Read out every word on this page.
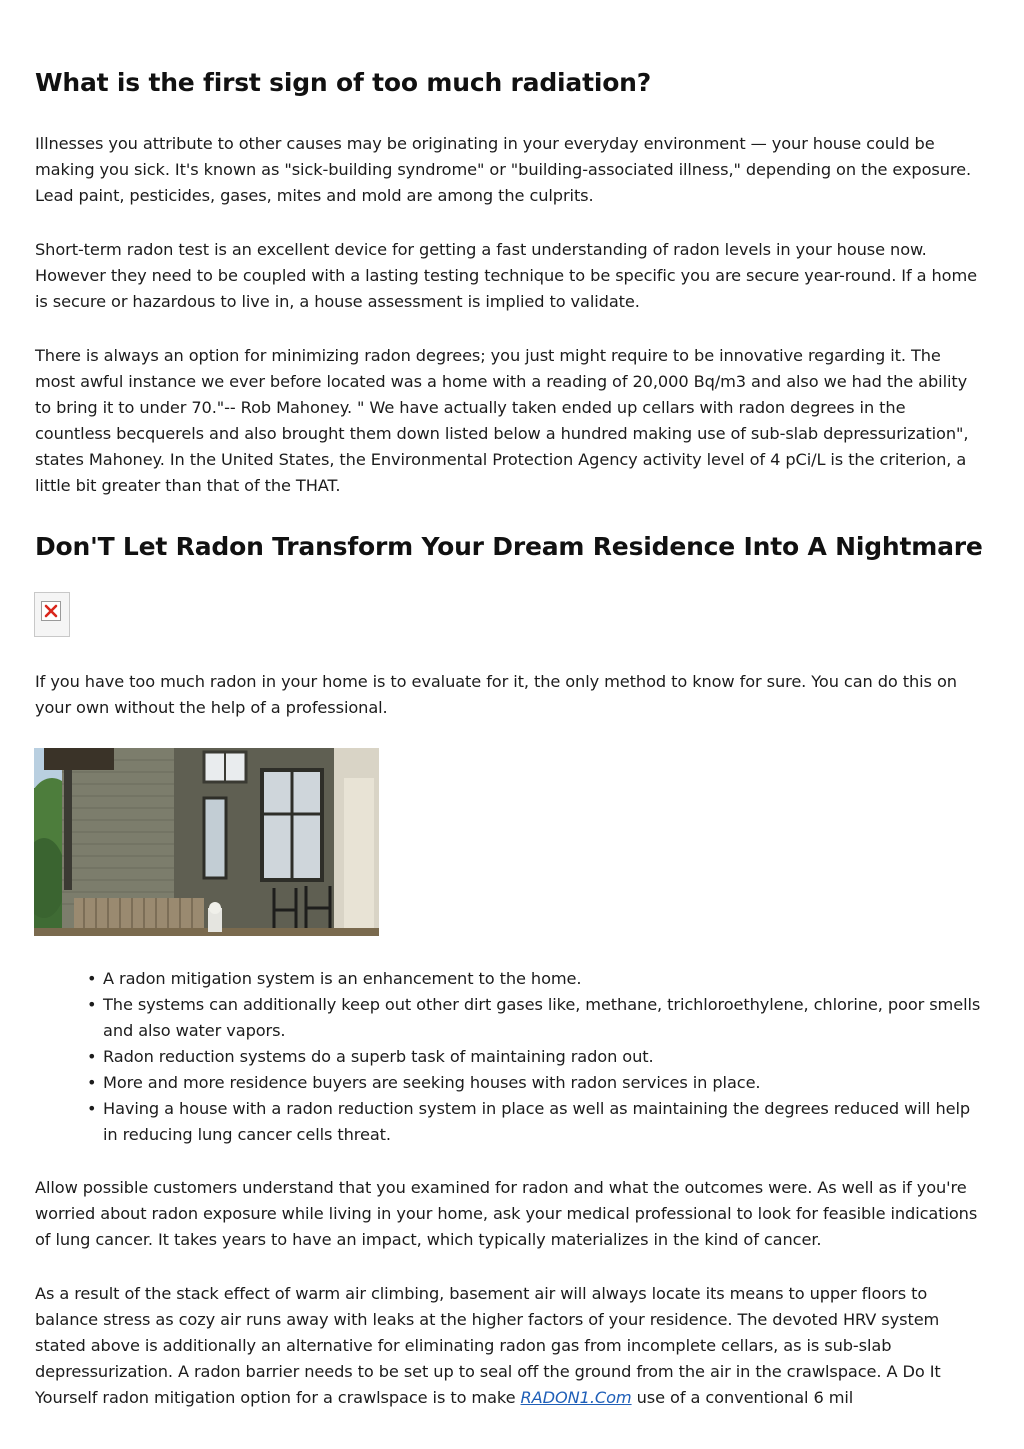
What is the first sign of too much radiation?

Illnesses you attribute to other causes may be originating in your everyday environment — your house could be making you sick. It's known as "sick-building syndrome" or "building-associated illness," depending on the exposure. Lead paint, pesticides, gases, mites and mold are among the culprits.

Short-term radon test is an excellent device for getting a fast understanding of radon levels in your house now. However they need to be coupled with a lasting testing technique to be specific you are secure year-round. If a home is secure or hazardous to live in, a house assessment is implied to validate.

There is always an option for minimizing radon degrees; you just might require to be innovative regarding it. The most awful instance we ever before located was a home with a reading of 20,000 Bq/m3 and also we had the ability to bring it to under 70."-- Rob Mahoney. " We have actually taken ended up cellars with radon degrees in the countless becquerels and also brought them down listed below a hundred making use of sub-slab depressurization", states Mahoney. In the United States, the Environmental Protection Agency activity level of 4 pCi/L is the criterion, a little bit greater than that of the THAT.

Don'T Let Radon Transform Your Dream Residence Into A Nightmare

If you have too much radon in your home is to evaluate for it, the only method to know for sure. You can do this on your own without the help of a professional.

• A radon mitigation system is an enhancement to the home.
• The systems can additionally keep out other dirt gases like, methane, trichloroethylene, chlorine, poor smells and also water vapors.
• Radon reduction systems do a superb task of maintaining radon out.
• More and more residence buyers are seeking houses with radon services in place.
• Having a house with a radon reduction system in place as well as maintaining the degrees reduced will help in reducing lung cancer cells threat.

Allow possible customers understand that you examined for radon and what the outcomes were. As well as if you're worried about radon exposure while living in your home, ask your medical professional to look for feasible indications of lung cancer. It takes years to have an impact, which typically materializes in the kind of cancer.

As a result of the stack effect of warm air climbing, basement air will always locate its means to upper floors to balance stress as cozy air runs away with leaks at the higher factors of your residence. The devoted HRV system stated above is additionally an alternative for eliminating radon gas from incomplete cellars, as is sub-slab depressurization. A radon barrier needs to be set up to seal off the ground from the air in the crawlspace. A Do It Yourself radon mitigation option for a crawlspace is to make RADON1.Com use of a conventional 6 mil
